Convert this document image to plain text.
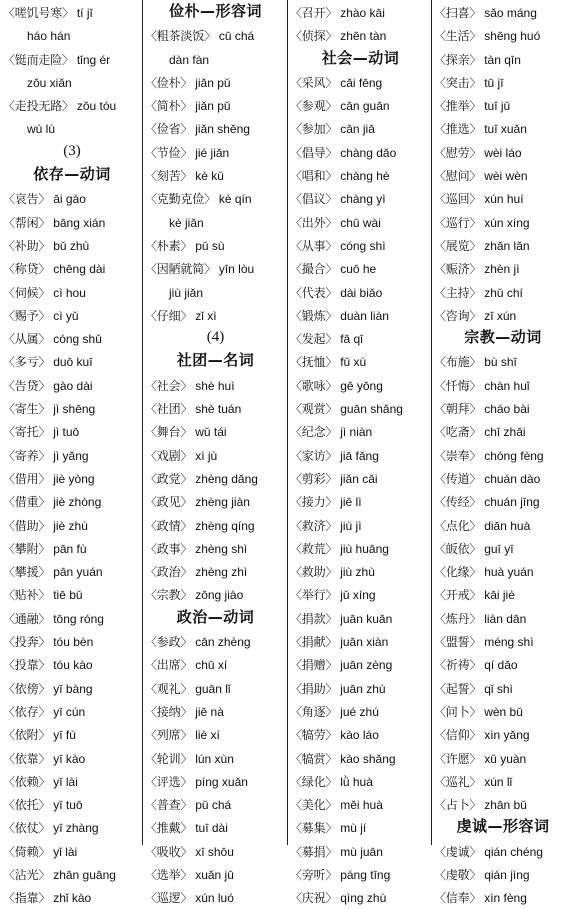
〈嗟饥号寒〉 tí jī
háo hán
〈铤而走险〉 tǐng ér
zǒu xiǎn
〈走投无路〉 zǒu tóu
wú lù
(3)
依存—动词
〈哀告〉 āi gào
〈帮闲〉 bāng xián
〈补助〉 bǔ zhù
〈称贷〉 chēng dài
〈伺候〉 cì hou
〈赐予〉 cì yǔ
〈从属〉 cóng shǔ
〈多亏〉 duō kuī
〈告贷〉 gào dài
〈寄生〉 jì shēng
〈寄托〉 jì tuō
〈寄养〉 jì yǎng
〈借用〉 jiè yòng
〈借重〉 jiè zhòng
〈借助〉 jiè zhù
〈攀附〉 pān fù
〈攀援〉 pān yuán
〈贴补〉 tiē bǔ
〈通融〉 tōng róng
〈投奔〉 tóu bèn
〈投靠〉 tóu kào
〈依傍〉 yī bàng
〈依存〉 yī cún
〈依附〉 yī fù
〈依靠〉 yī kào
〈依赖〉 yī lài
〈依托〉 yī tuō
〈依仗〉 yī zhàng
〈倚赖〉 yǐ lài
〈沾光〉 zhān guāng
〈指靠〉 zhǐ kào
俭朴—形容词
〈粗茶淡饭〉 cū chá
dàn fàn
〈俭朴〉 jiǎn pǔ
〈简朴〉 jiǎn pǔ
〈俭省〉 jiǎn shěng
〈节俭〉 jié jiǎn
〈刻苦〉 kè kǔ
〈克勤克俭〉 kè qín
kè jiǎn
〈朴素〉 pǔ sù
〈因陋就简〉 yīn lòu
jiù jiǎn
〈仔细〉 zǐ xì
(4)
社团—名词
〈社会〉 shè huì
〈社团〉 shè tuán
〈舞台〉 wǔ tái
〈戏剧〉 xì jù
〈政党〉 zhèng dǎng
〈政见〉 zhèng jiàn
〈政情〉 zhèng qíng
〈政事〉 zhèng shì
〈政治〉 zhèng zhì
〈宗教〉 zōng jiào
政治—动词
〈参政〉 cān zhèng
〈出席〉 chū xí
〈观礼〉 guān lǐ
〈接纳〉 jiē nà
〈列席〉 liè xí
〈轮训〉 lún xùn
〈评选〉 píng xuǎn
〈普查〉 pǔ chá
〈推戴〉 tuī dài
〈吸收〉 xī shōu
〈选举〉 xuǎn jǔ
〈巡逻〉 xún luó
〈召开〉 zhào kāi
〈侦探〉 zhēn tàn
社会—动词
〈采风〉 cǎi fēng
〈参观〉 cān guān
〈参加〉 cān jiā
〈倡导〉 chàng dǎo
〈唱和〉 chàng hè
〈倡议〉 chàng yì
〈出外〉 chū wài
〈从事〉 cóng shì
〈撮合〉 cuō he
〈代表〉 dài biǎo
〈锻炼〉 duàn liàn
〈发起〉 fā qǐ
〈抚恤〉 fǔ xù
〈歌咏〉 gē yǒng
〈观赏〉 guān shǎng
〈纪念〉 jì niàn
〈家访〉 jiā fǎng
〈剪彩〉 jiǎn cǎi
〈接力〉 jiē lì
〈救济〉 jiù jì
〈救荒〉 jiù huāng
〈救助〉 jiù zhù
〈举行〉 jǔ xíng
〈捐款〉 juān kuǎn
〈捐献〉 juān xiàn
〈捐赠〉 juān zèng
〈捐助〉 juān zhù
〈角逐〉 jué zhú
〈犒劳〉 kào láo
〈犒赏〉 kào shǎng
〈绿化〉 lǜ huà
〈美化〉 měi huà
〈募集〉 mù jí
〈募捐〉 mù juān
〈旁听〉 páng tīng
〈庆祝〉 qìng zhù
〈扫喜〉 sǎo máng
〈生活〉 shēng huó
〈探亲〉 tàn qīn
〈突击〉 tū jī
〈推举〉 tuī jǔ
〈推选〉 tuī xuǎn
〈慰劳〉 wèi láo
〈慰问〉 wèi wèn
〈巡回〉 xún huí
〈巡行〉 xún xíng
〈展览〉 zhǎn lǎn
〈赈济〉 zhèn jì
〈主持〉 zhǔ chí
〈咨询〉 zī xún
宗教—动词
〈布施〉 bù shī
〈忏悔〉 chàn huǐ
〈朝拜〉 cháo bài
〈吃斋〉 chī zhāi
〈崇奉〉 chóng fèng
〈传道〉 chuán dào
〈传经〉 chuán jīng
〈点化〉 diǎn huà
〈皈依〉 guī yī
〈化缘〉 huà yuán
〈开戒〉 kāi jiè
〈炼丹〉 liàn dān
〈盟誓〉 méng shì
〈祈祷〉 qí dǎo
〈起誓〉 qǐ shì
〈问卜〉 wèn bǔ
〈信仰〉 xìn yǎng
〈许愿〉 xǔ yuàn
〈巡礼〉 xún lǐ
〈占卜〉 zhān bǔ
虔诚—形容词
〈虔诚〉 qián chéng
〈虔敬〉 qián jìng
〈信奉〉 xìn fèng
